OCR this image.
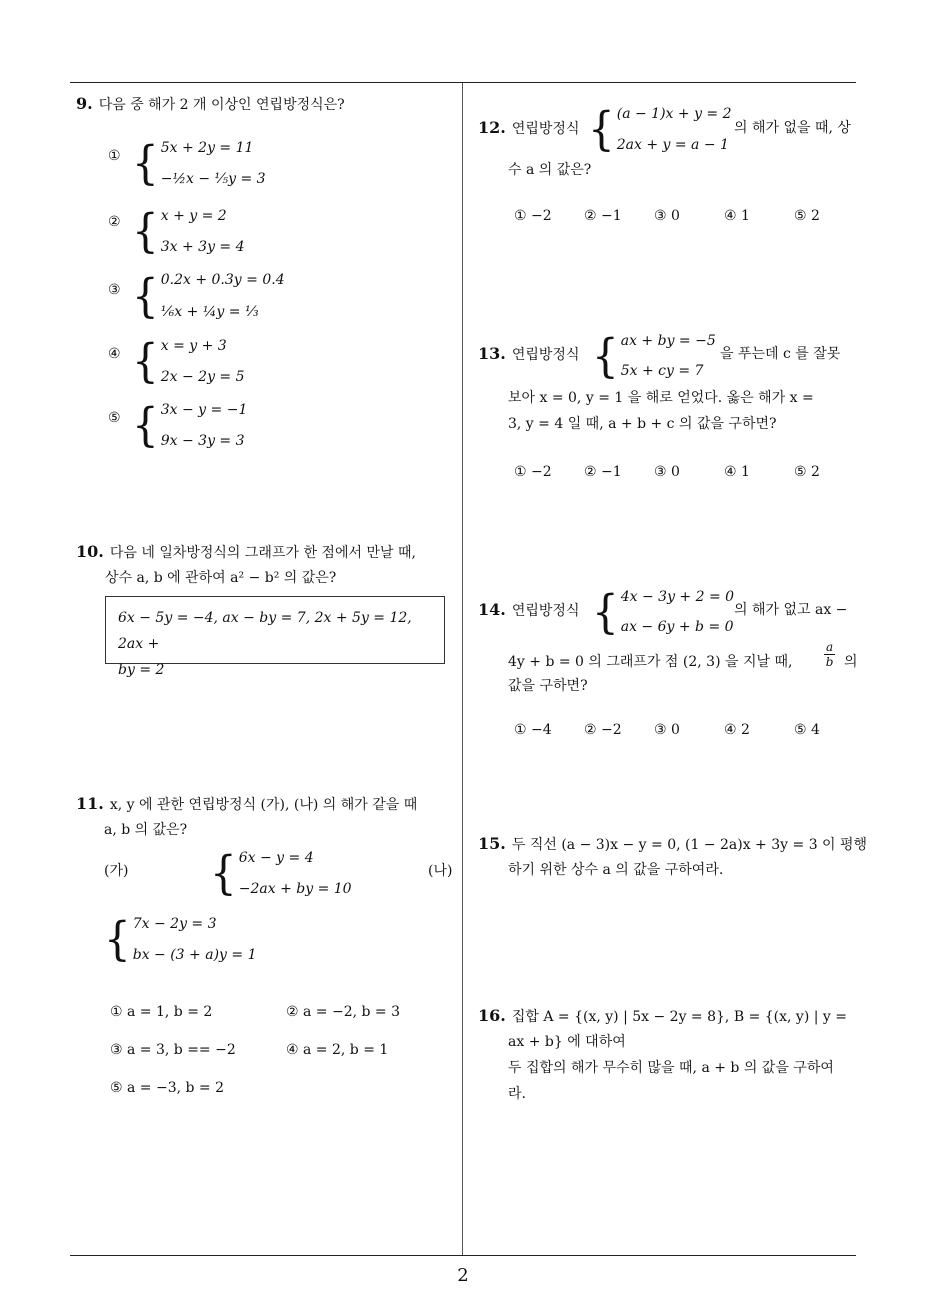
2
9. 다음 중 해가 2 개 이상인 연립방정식은?
① { 5x + 2y = 11
−½x − ⅕y = 3
② { x + y = 2
3x + 3y = 4
③ { 0.2x + 0.3y = 0.4
⅙x + ¼y = ⅓
④ { x = y + 3
2x − 2y = 5
⑤ { 3x − y = −1
9x − 3y = 3
10. 다음 네 일차방정식의 그래프가 한 점에서 만날 때,
상수 a, b 에 관하여 a² − b² 의 값은?
6x − 5y = −4, ax − by = 7, 2x + 5y = 12, 2ax +
by = 2
11. x, y 에 관한 연립방정식 (가), (나) 의 해가 같을 때
a, b 의 값은?
(가) { 6x − y = 4
−2ax + by = 10
(나)
{ 7x − 2y = 3
bx − (3 + a)y = 1
① a = 1, b = 2	② a = −2, b = 3
③ a = 3, b == −2	④ a = 2, b = 1
⑤ a = −3, b = 2
12. 연립방정식 { (a − 1)x + y = 2
2ax + y = a − 1
의 해가 없을 때, 상
수 a 의 값은?
① −2 ② −1 ③ 0	④ 1	⑤ 2
13. 연립방정식 { ax + by = −5
5x + cy = 7
을 푸는데 c 를 잘못
보아 x = 0, y = 1 을 해로 얻었다. 옳은 해가 x =
3, y = 4 일 때, a + b + c 의 값을 구하면?
① −2 ② −1 ③ 0	④ 1	⑤ 2
14. 연립방정식 { 4x − 3y + 2 = 0
ax − 6y + b = 0
의 해가 없고 ax −
4y + b = 0 의 그래프가 점 (2, 3) 을 지날 때,	$\frac{a}{b}$ 의
값을 구하면?
① −4 ② −2 ③ 0	④ 2	⑤ 4
15. 두 직선 (a − 3)x − y = 0, (1 − 2a)x + 3y = 3 이 평행
하기 위한 상수 a 의 값을 구하여라.
16. 집합 A = {(x, y) | 5x − 2y = 8}, B = {(x, y) | y =
ax + b} 에 대하여
두 집합의 해가 무수히 많을 때, a + b 의 값을 구하여
라.
